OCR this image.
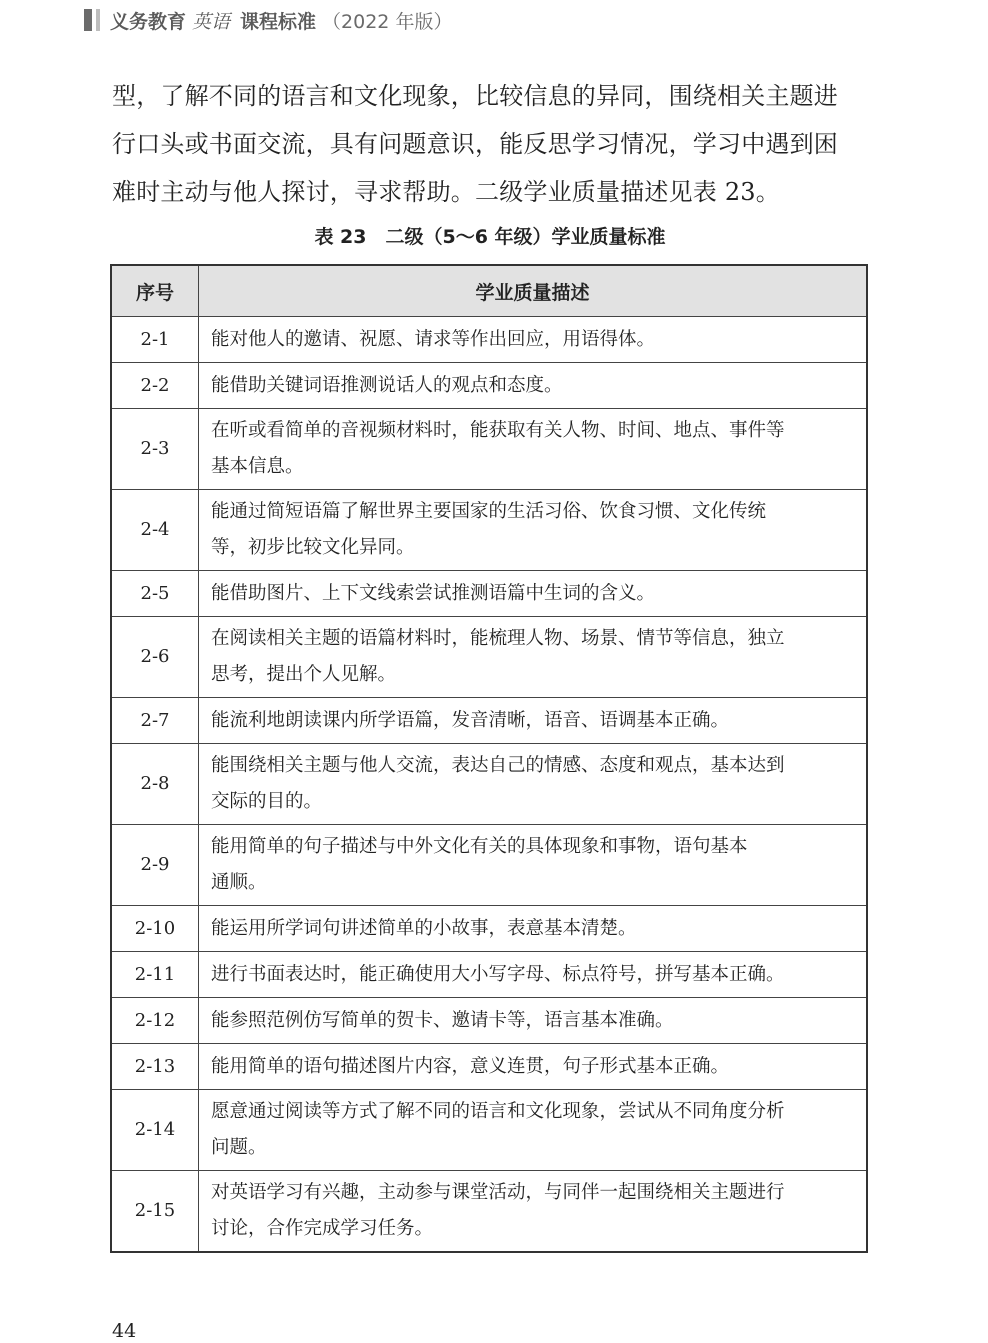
义务教育 英语 课程标准 （2022 年版）

型，了解不同的语言和文化现象，比较信息的异同，围绕相关主题进

行口头或书面交流，具有问题意识，能反思学习情况，学习中遇到困

难时主动与他人探讨，寻求帮助。二级学业质量描述见表 23。

表 23　二级（5～6 年级）学业质量标准
序号	学业质量描述
2-1	能对他人的邀请、祝愿、请求等作出回应，用语得体。

2-2	能借助关键词语推测说话人的观点和态度。

2-3	在听或看简单的音视频材料时，能获取有关人物、时间、地点、事件等
基本信息。

2-4	能通过简短语篇了解世界主要国家的生活习俗、饮食习惯、文化传统
等，初步比较文化异同。

2-5	能借助图片、上下文线索尝试推测语篇中生词的含义。

2-6	在阅读相关主题的语篇材料时，能梳理人物、场景、情节等信息，独立
思考，提出个人见解。

2-7	能流利地朗读课内所学语篇，发音清晰，语音、语调基本正确。

2-8	能围绕相关主题与他人交流，表达自己的情感、态度和观点，基本达到
交际的目的。

2-9	能用简单的句子描述与中外文化有关的具体现象和事物，语句基本
通顺。

2-10	能运用所学词句讲述简单的小故事，表意基本清楚。

2-11	进行书面表达时，能正确使用大小写字母、标点符号，拼写基本正确。

2-12	能参照范例仿写简单的贺卡、邀请卡等，语言基本准确。

2-13	能用简单的语句描述图片内容，意义连贯，句子形式基本正确。

2-14	愿意通过阅读等方式了解不同的语言和文化现象，尝试从不同角度分析
问题。

2-15	对英语学习有兴趣，主动参与课堂活动，与同伴一起围绕相关主题进行
讨论，合作完成学习任务。
44
